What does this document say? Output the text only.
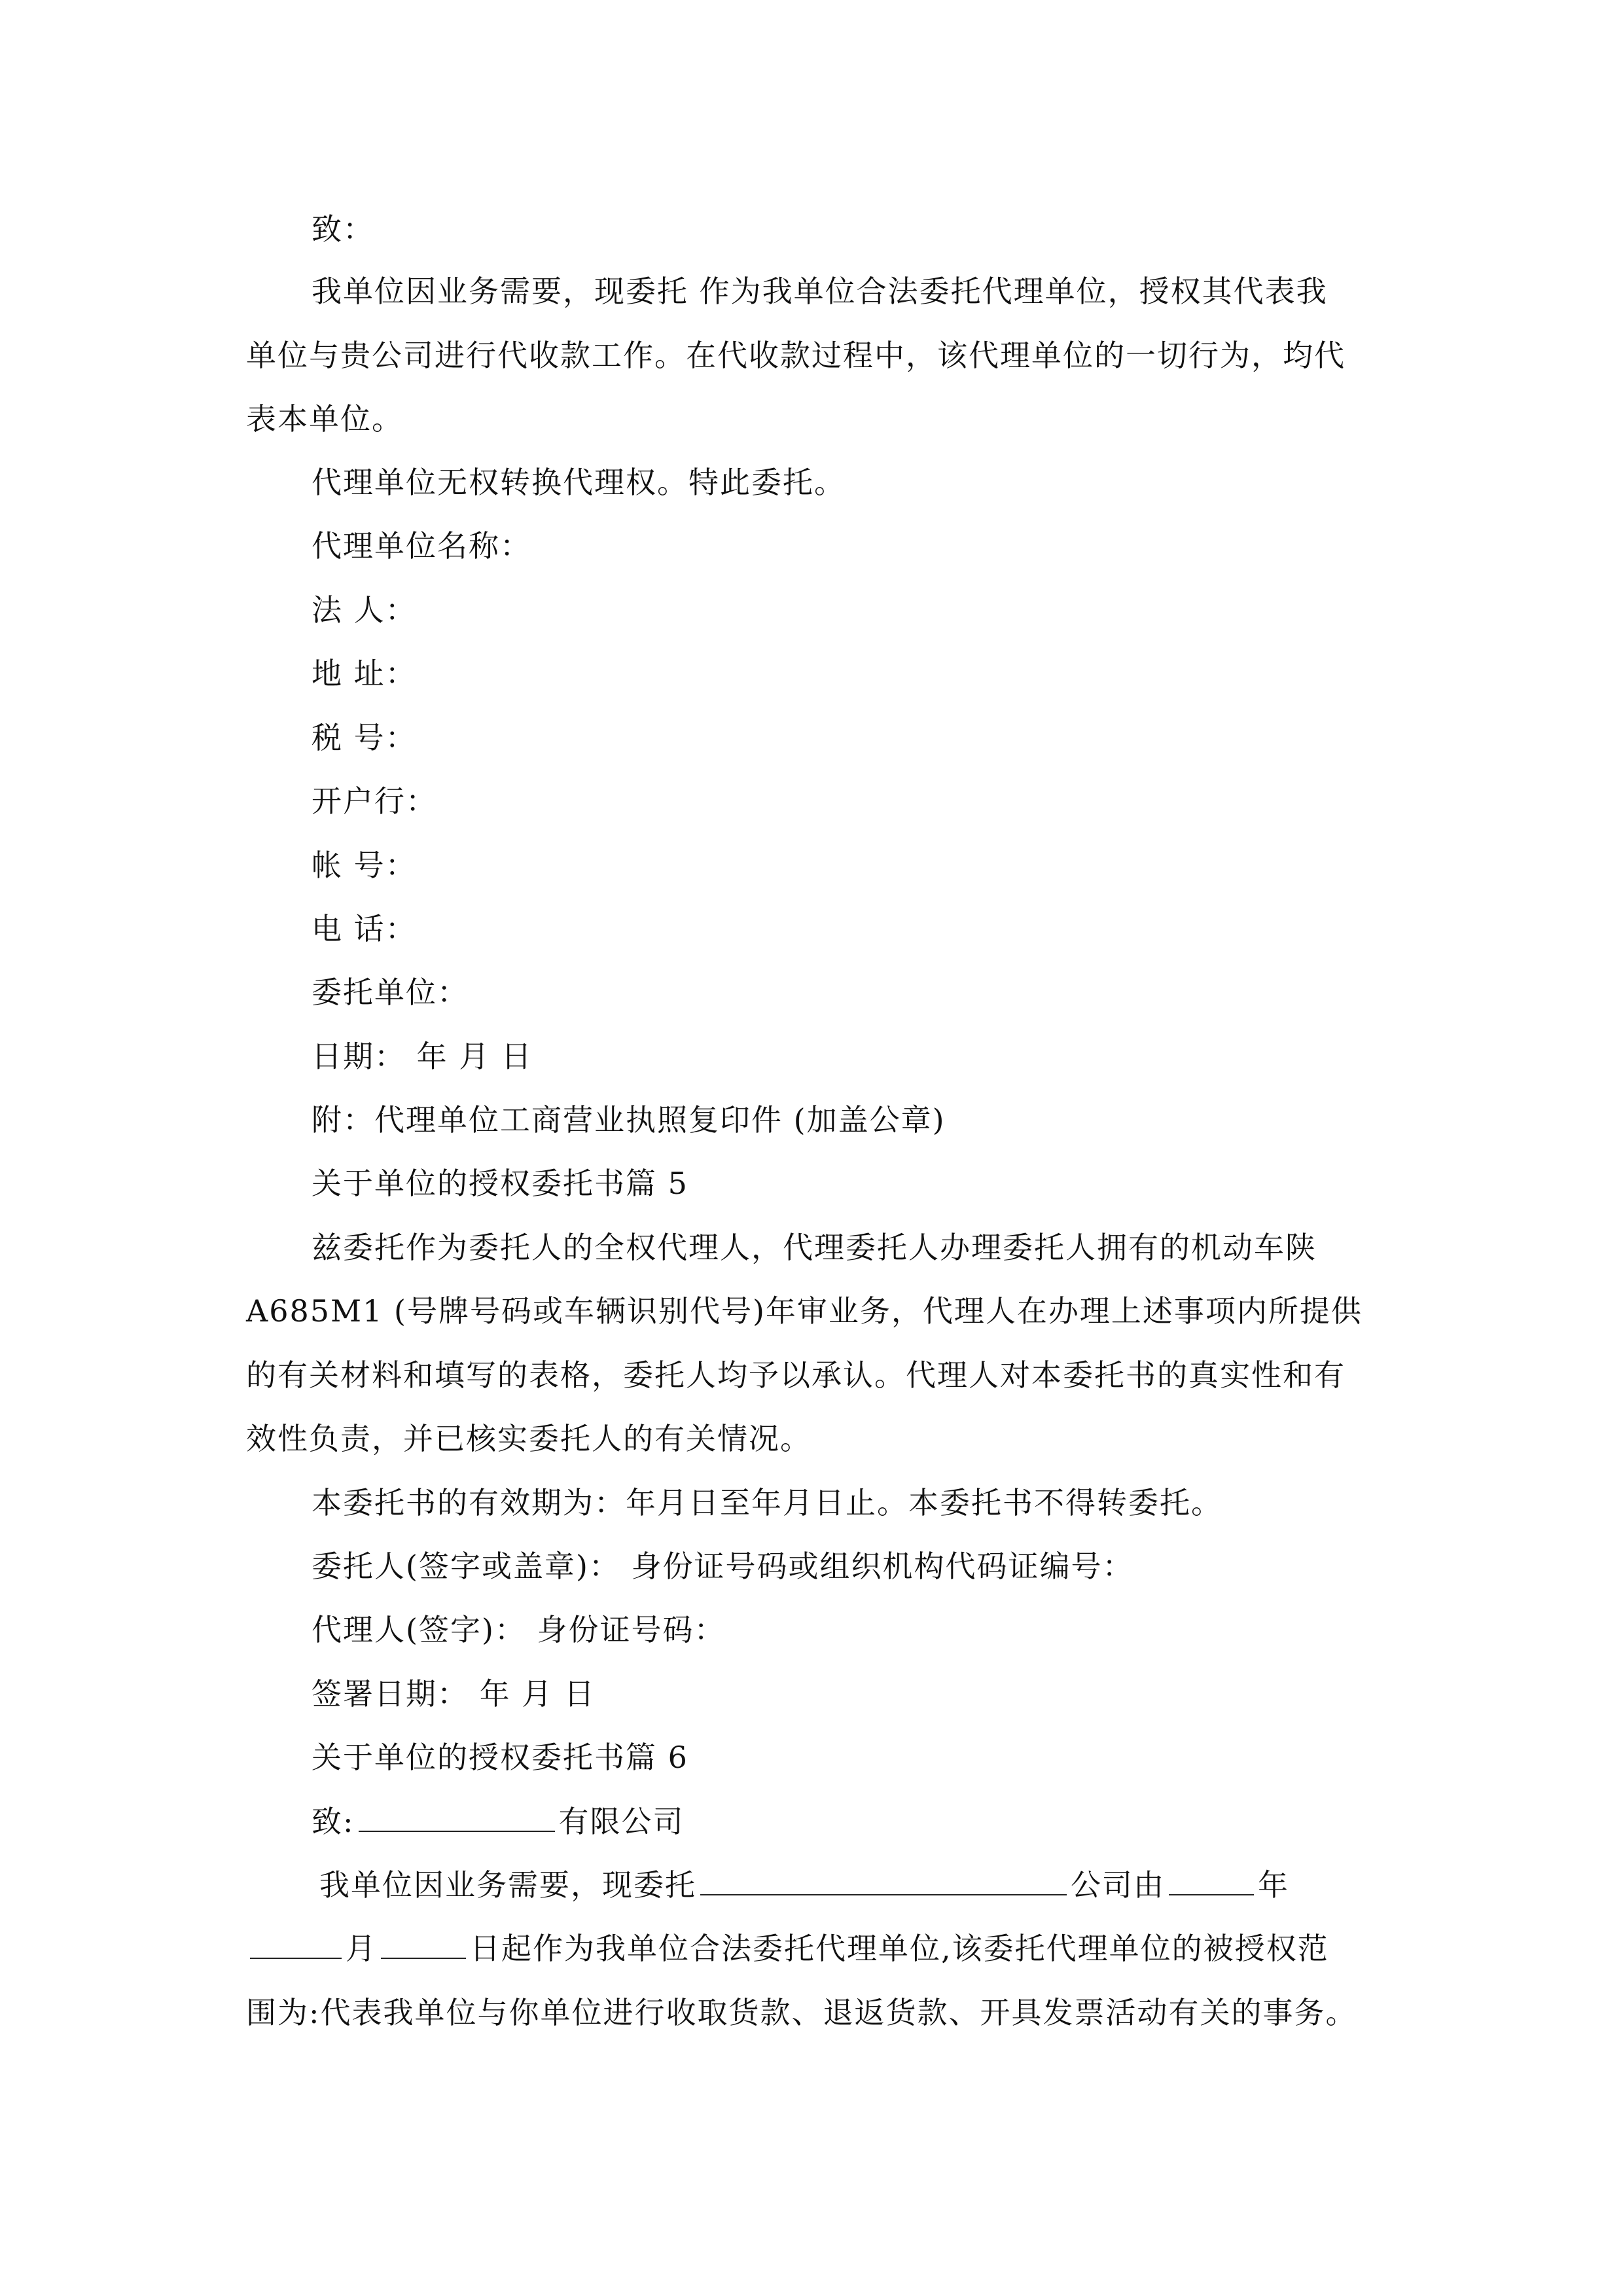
致：
我单位因业务需要，现委托 作为我单位合法委托代理单位，授权其代表我
单位与贵公司进行代收款工作。在代收款过程中，该代理单位的一切行为，均代
表本单位。
代理单位无权转换代理权。特此委托。
代理单位名称：
法 人：
地 址：
税 号：
开户行：
帐 号：
电 话：
委托单位：
日期： 年 月 日
附：代理单位工商营业执照复印件 (加盖公章)
关于单位的授权委托书篇 5
兹委托作为委托人的全权代理人，代理委托人办理委托人拥有的机动车陕
A685M1 (号牌号码或车辆识别代号)年审业务，代理人在办理上述事项内所提供
的有关材料和填写的表格，委托人均予以承认。代理人对本委托书的真实性和有
效性负责，并已核实委托人的有关情况。
本委托书的有效期为：年月日至年月日止。本委托书不得转委托。
委托人(签字或盖章)： 身份证号码或组织机构代码证编号：
代理人(签字)： 身份证号码：
签署日期： 年 月 日
关于单位的授权委托书篇 6
致:	有限公司
我单位因业务需要，现委托	公司由	年
月	日起作为我单位合法委托代理单位,该委托代理单位的被授权范
围为:代表我单位与你单位进行收取货款、退返货款、开具发票活动有关的事务。
